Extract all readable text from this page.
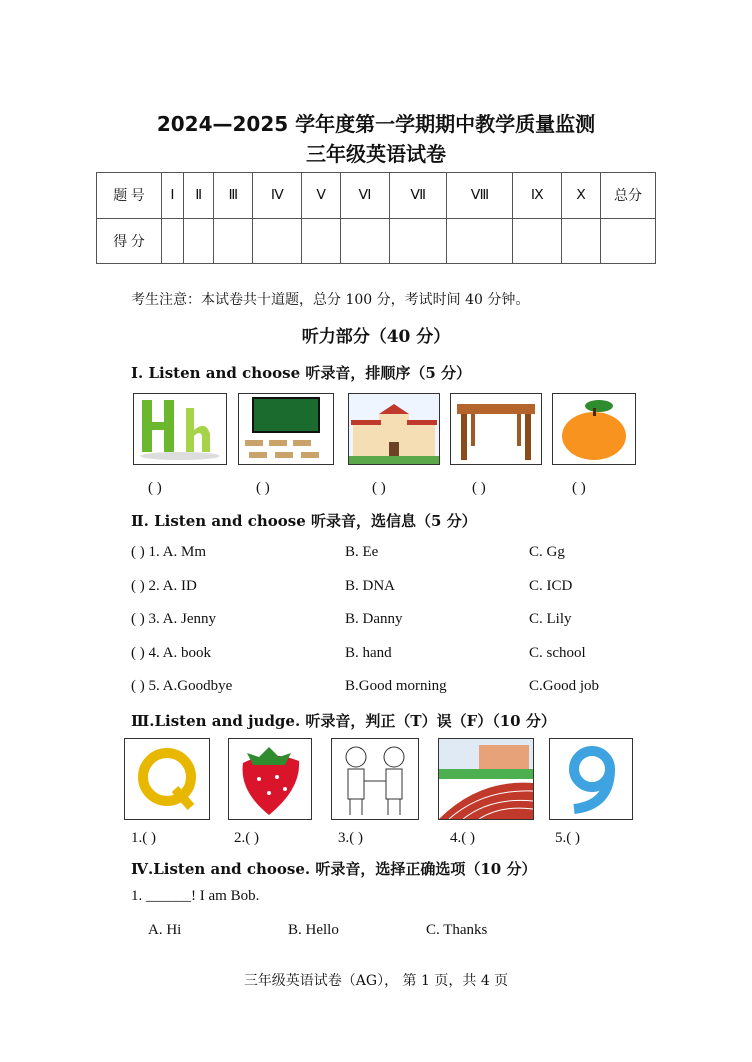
2024—2025 学年度第一学期期中教学质量监测
三年级英语试卷
题 号	Ⅰ	Ⅱ	Ⅲ	Ⅳ	Ⅴ	Ⅵ	Ⅶ	Ⅷ	Ⅸ	Ⅹ	总分
得 分											
考生注意：本试卷共十道题，总分 100 分，考试时间 40 分钟。
听力部分（40 分）
Ⅰ. Listen and choose 听录音，排顺序（5 分）
( )	( )	( )	( )	( )
Ⅱ. Listen and choose 听录音，选信息（5 分）
( ) 1. A. Mm	B. Ee	C. Gg
( ) 2. A. ID	B. DNA	C. ICD
( ) 3. A. Jenny	B. Danny	C. Lily
( ) 4. A. book	B. hand	C. school
( ) 5. A.Goodbye	B.Good morning	C.Good job
Ⅲ.Listen and judge. 听录音，判正（T）误（F）（10 分）
1.( )	2.( )	3.( )	4.( )	5.( )
Ⅳ.Listen and choose. 听录音，选择正确选项（10 分）
1. ______! I am Bob.
A. Hi	B. Hello	C. Thanks
三年级英语试卷（AG）， 第 1 页，共 4 页
